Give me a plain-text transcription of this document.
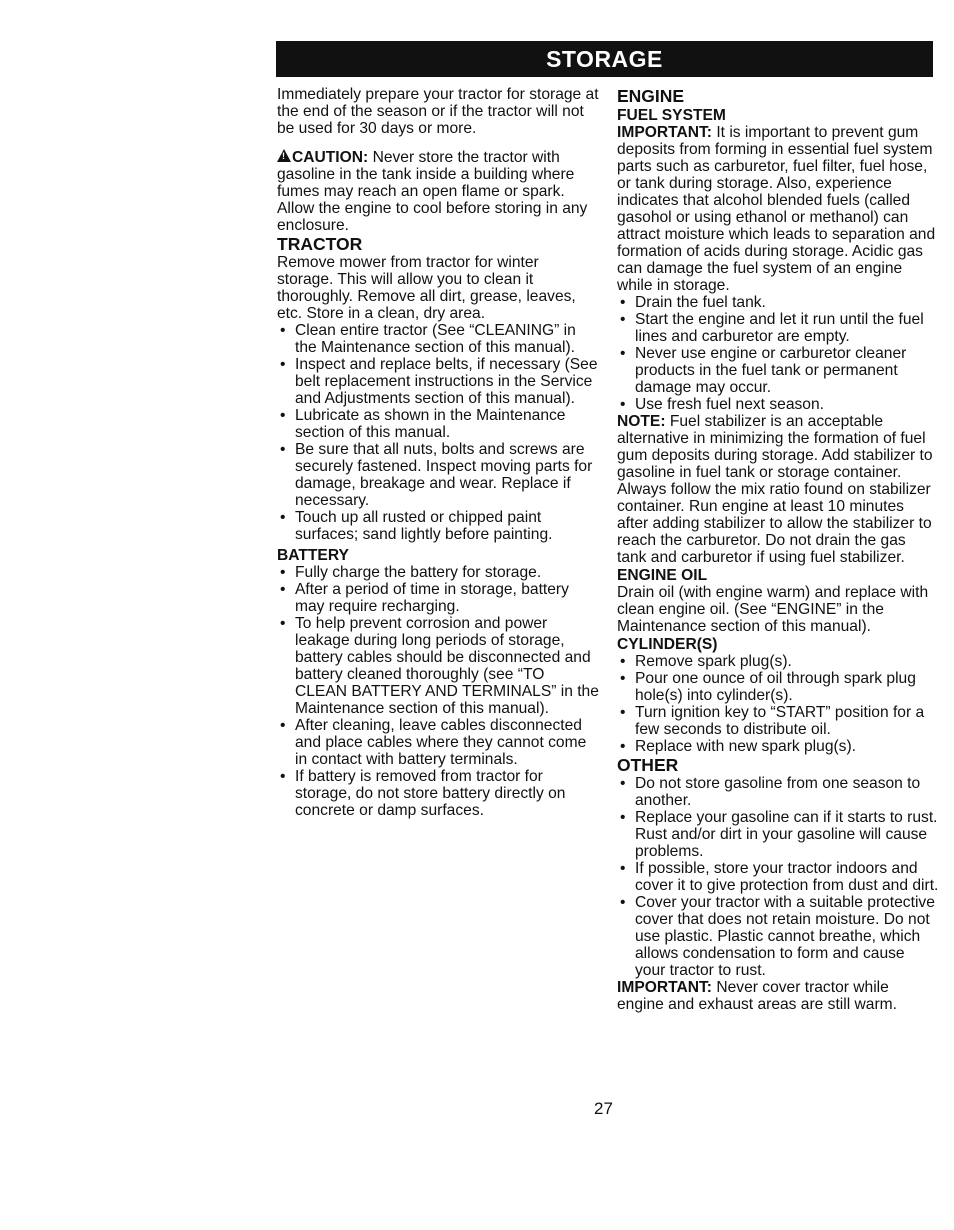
STORAGE

Immediately prepare your tractor for storage at the end of the season or if the tractor will not be used for 30 days or more.

!CAUTION: Never store the tractor with gasoline in the tank inside a building where fumes may reach an open flame or spark. Allow the engine to cool before storing in any enclosure.

TRACTOR

Remove mower from tractor for winter storage. This will allow you to clean it thoroughly. Remove all dirt, grease, leaves, etc. Store in a clean, dry area.

• Clean entire tractor (See “CLEANING” in the Maintenance section of this manual).
• Inspect and replace belts, if necessary (See belt replacement instructions in the Service and Adjustments section of this manual).
• Lubricate as shown in the Maintenance section of this manual.
• Be sure that all nuts, bolts and screws are securely fastened. Inspect moving parts for damage, breakage and wear. Replace if necessary.
• Touch up all rusted or chipped paint surfaces; sand lightly before painting.
BATTERY
• Fully charge the battery for storage.
• After a period of time in storage, battery may require recharging.
• To help prevent corrosion and power leakage during long periods of storage, battery cables should be disconnected and battery cleaned thoroughly (see “TO CLEAN BATTERY AND TERMINALS” in the Maintenance section of this manual).
• After cleaning, leave cables disconnected and place cables where they cannot come in contact with battery terminals.
• If battery is removed from tractor for storage, do not store battery directly on concrete or damp surfaces.
ENGINE
FUEL SYSTEM

IMPORTANT: It is important to prevent gum deposits from forming in essential fuel system parts such as carburetor, fuel filter, fuel hose, or tank during storage. Also, experience indicates that alcohol blended fuels (called gasohol or using ethanol or methanol) can attract moisture which leads to separation and formation of acids during storage. Acidic gas can damage the fuel system of an engine while in storage.

• Drain the fuel tank.
• Start the engine and let it run until the fuel lines and carburetor are empty.
• Never use engine or carburetor cleaner products in the fuel tank or permanent damage may occur.
• Use fresh fuel next season.

NOTE: Fuel stabilizer is an acceptable alternative in minimizing the formation of fuel gum deposits during storage. Add stabilizer to gasoline in fuel tank or storage container. Always follow the mix ratio found on stabilizer container. Run engine at least 10 minutes after adding stabilizer to allow the stabilizer to reach the carburetor. Do not drain the gas tank and carburetor if using fuel stabilizer.

ENGINE OIL

Drain oil (with engine warm) and replace with clean engine oil. (See “ENGINE” in the Maintenance section of this manual).

CYLINDER(S)
• Remove spark plug(s).
• Pour one ounce of oil through spark plug hole(s) into cylinder(s).
• Turn ignition key to “START” position for a few seconds to distribute oil.
• Replace with new spark plug(s).
OTHER
• Do not store gasoline from one season to another.
• Replace your gasoline can if it starts to rust. Rust and/or dirt in your gasoline will cause problems.
• If possible, store your tractor indoors and cover it to give protection from dust and dirt.
• Cover your tractor with a suitable protective cover that does not retain moisture. Do not use plastic. Plastic cannot breathe, which allows condensation to form and cause your tractor to rust.

IMPORTANT: Never cover tractor while engine and exhaust areas are still warm.

27
